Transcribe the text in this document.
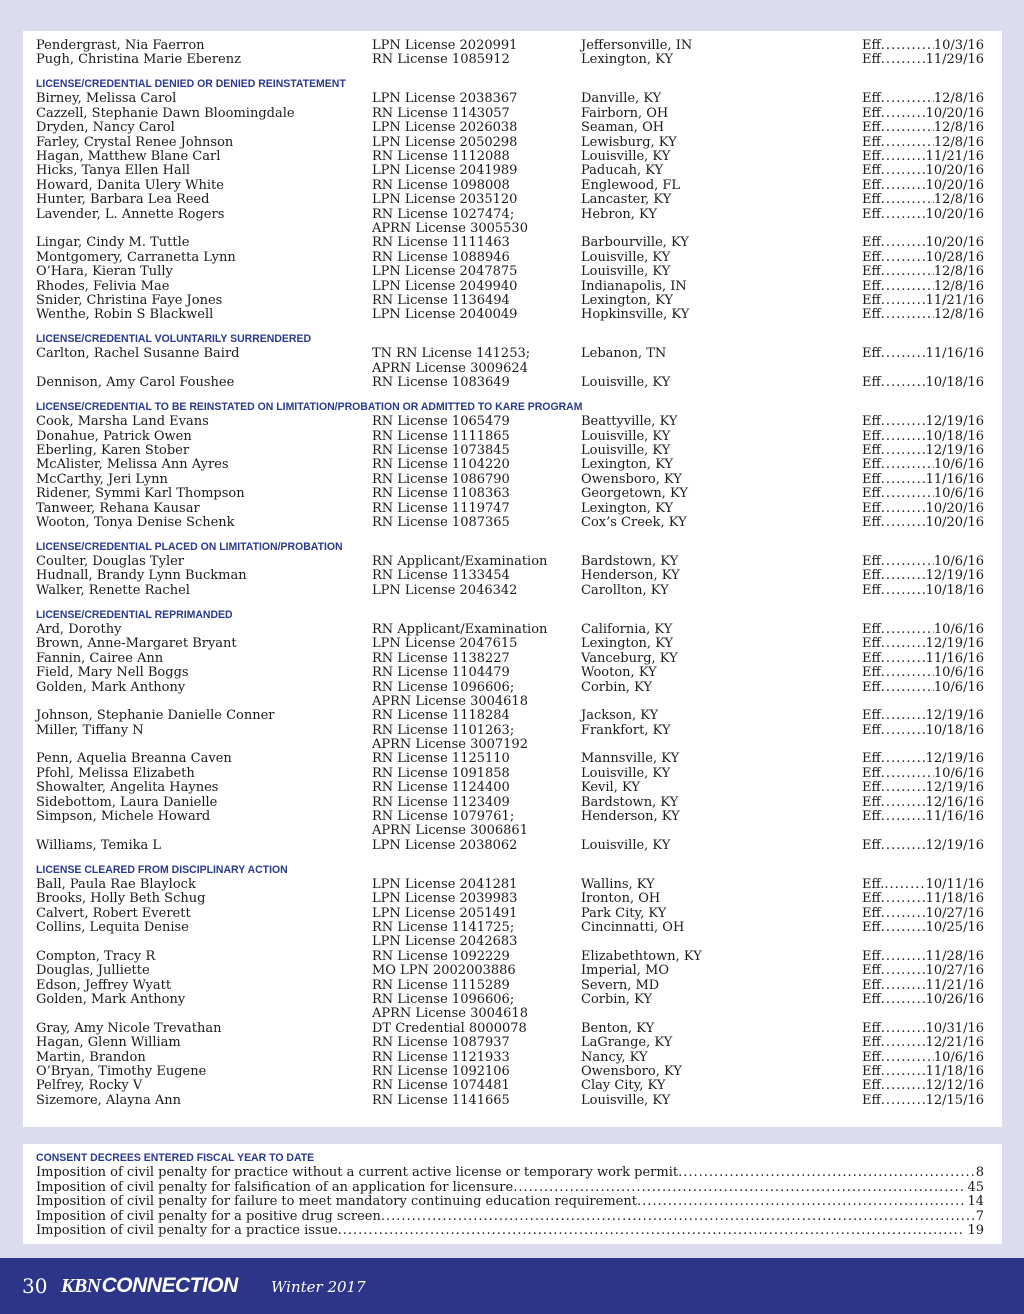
Pendergrast, Nia Faerron	LPN License 2020991	Jeffersonville, IN	Eff .....	10/3/16
Pugh, Christina Marie Eberenz	RN License 1085912	Lexington, KY	Eff .....	11/29/16
LICENSE/CREDENTIAL DENIED OR DENIED REINSTATEMENT
Birney, Melissa Carol	LPN License 2038367	Danville, KY	Eff .....	12/8/16
Cazzell, Stephanie Dawn Bloomingdale	RN License 1143057	Fairborn, OH	Eff .....	10/20/16
Dryden, Nancy Carol	LPN License 2026038	Seaman, OH	Eff .....	12/8/16
Farley, Crystal Renee Johnson	LPN License 2050298	Lewisburg, KY	Eff .....	12/8/16
Hagan, Matthew Blane Carl	RN License 1112088	Louisville, KY	Eff .....	11/21/16
Hicks, Tanya Ellen Hall	LPN License 2041989	Paducah, KY	Eff .....	10/20/16
Howard, Danita Ulery White	RN License 1098008	Englewood, FL	Eff .....	10/20/16
Hunter, Barbara Lea Reed	LPN License 2035120	Lancaster, KY	Eff .....	12/8/16
Lavender, L. Annette Rogers	RN License 1027474;	Hebron, KY	Eff .....	10/20/16
APRN License 3005530
Lingar, Cindy M. Tuttle	RN License 1111463	Barbourville, KY	Eff .....	10/20/16
Montgomery, Carranetta Lynn	RN License 1088946	Louisville, KY	Eff .....	10/28/16
O’Hara, Kieran Tully	LPN License 2047875	Louisville, KY	Eff .....	12/8/16
Rhodes, Felivia Mae	LPN License 2049940	Indianapolis, IN	Eff .....	12/8/16
Snider, Christina Faye Jones	RN License 1136494	Lexington, KY	Eff .....	11/21/16
Wenthe, Robin S Blackwell	LPN License 2040049	Hopkinsville, KY	Eff .....	12/8/16
LICENSE/CREDENTIAL VOLUNTARILY SURRENDERED
Carlton, Rachel Susanne Baird	TN RN License 141253;	Lebanon, TN	Eff .....	11/16/16
APRN License 3009624
Dennison, Amy Carol Foushee	RN License 1083649	Louisville, KY	Eff .....	10/18/16
LICENSE/CREDENTIAL TO BE REINSTATED ON LIMITATION/PROBATION OR ADMITTED TO KARE PROGRAM
Cook, Marsha Land Evans	RN License 1065479	Beattyville, KY	Eff .....	12/19/16
Donahue, Patrick Owen	RN License 1111865	Louisville, KY	Eff .....	10/18/16
Eberling, Karen Stober	RN License 1073845	Louisville, KY	Eff .....	12/19/16
McAlister, Melissa Ann Ayres	RN License 1104220	Lexington, KY	Eff .....	10/6/16
McCarthy, Jeri Lynn	RN License 1086790	Owensboro, KY	Eff .....	11/16/16
Ridener, Symmi Karl Thompson	RN License 1108363	Georgetown, KY	Eff .....	10/6/16
Tanweer, Rehana Kausar	RN License 1119747	Lexington, KY	Eff .....	10/20/16
Wooton, Tonya Denise Schenk	RN License 1087365	Cox’s Creek, KY	Eff .....	10/20/16
LICENSE/CREDENTIAL PLACED ON LIMITATION/PROBATION
Coulter, Douglas Tyler	RN Applicant/Examination	Bardstown, KY	Eff .....	10/6/16
Hudnall, Brandy Lynn Buckman	RN License 1133454	Henderson, KY	Eff .....	12/19/16
Walker, Renette Rachel	LPN License 2046342	Carollton, KY	Eff .....	10/18/16
LICENSE/CREDENTIAL REPRIMANDED
Ard, Dorothy	RN Applicant/Examination	California, KY	Eff .....	10/6/16
Brown, Anne-Margaret Bryant	LPN License 2047615	Lexington, KY	Eff .....	12/19/16
Fannin, Cairee Ann	RN License 1138227	Vanceburg, KY	Eff .....	11/16/16
Field, Mary Nell Boggs	RN License 1104479	Wooton, KY	Eff .....	10/6/16
Golden, Mark Anthony	RN License 1096606;	Corbin, KY	Eff .....	10/6/16
APRN License 3004618
Johnson, Stephanie Danielle Conner	RN License 1118284	Jackson, KY	Eff .....	12/19/16
Miller, Tiffany N	RN License 1101263;	Frankfort, KY	Eff .....	10/18/16
APRN License 3007192
Penn, Aquelia Breanna Caven	RN License 1125110	Mannsville, KY	Eff .....	12/19/16
Pfohl, Melissa Elizabeth	RN License 1091858	Louisville, KY	Eff .....	10/6/16
Showalter, Angelita Haynes	RN License 1124400	Kevil, KY	Eff .....	12/19/16
Sidebottom, Laura Danielle	RN License 1123409	Bardstown, KY	Eff .....	12/16/16
Simpson, Michele Howard	RN License 1079761;	Henderson, KY	Eff .....	11/16/16
APRN License 3006861
Williams, Temika L	LPN License 2038062	Louisville, KY	Eff .....	12/19/16
LICENSE CLEARED FROM DISCIPLINARY ACTION
Ball, Paula Rae Blaylock	LPN License 2041281	Wallins, KY	Eff. .....	10/11/16
Brooks, Holly Beth Schug	LPN License 2039983	Ironton, OH	Eff .....	11/18/16
Calvert, Robert Everett	LPN License 2051491	Park City, KY	Eff .....	10/27/16
Collins, Lequita Denise	RN License 1141725;	Cincinnatti, OH	Eff .....	10/25/16
LPN License 2042683
Compton, Tracy R	RN License 1092229	Elizabethtown, KY	Eff .....	11/28/16
Douglas, Julliette	MO LPN 2002003886	Imperial, MO	Eff .....	10/27/16
Edson, Jeffrey Wyatt	RN License 1115289	Severn, MD	Eff .....	11/21/16
Golden, Mark Anthony	RN License 1096606;	Corbin, KY	Eff .....	10/26/16
APRN License 3004618
Gray, Amy Nicole Trevathan	DT Credential 8000078	Benton, KY	Eff .....	10/31/16
Hagan, Glenn William	RN License 1087937	LaGrange, KY	Eff .....	12/21/16
Martin, Brandon	RN License 1121933	Nancy, KY	Eff .....	10/6/16
O’Bryan, Timothy Eugene	RN License 1092106	Owensboro, KY	Eff .....	11/18/16
Pelfrey, Rocky V	RN License 1074481	Clay City, KY	Eff .....	12/12/16
Sizemore, Alayna Ann	RN License 1141665	Louisville, KY	Eff .....	12/15/16
CONSENT DECREES ENTERED FISCAL YEAR TO DATE
Imposition of civil penalty for practice without a current active license or temporary work permit .....	8
Imposition of civil penalty for falsification of an application for licensure .....	45
Imposition of civil penalty for failure to meet mandatory continuing education requirement .....	14
Imposition of civil penalty for a positive drug screen .....	7
Imposition of civil penalty for a practice issue .....	19
30 KBN CONNECTION Winter 2017
